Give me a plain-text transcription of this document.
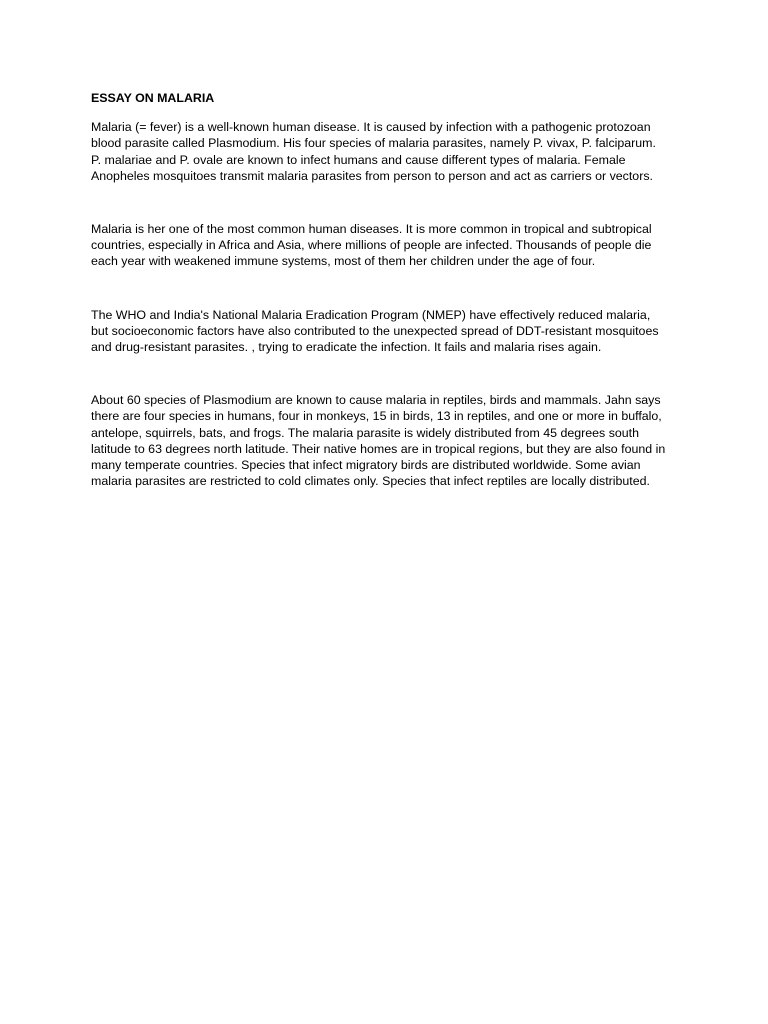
ESSAY ON MALARIA

Malaria (= fever) is a well-known human disease. It is caused by infection with a pathogenic protozoan
blood parasite called Plasmodium. His four species of malaria parasites, namely P. vivax, P. falciparum.
P. malariae and P. ovale are known to infect humans and cause different types of malaria. Female
Anopheles mosquitoes transmit malaria parasites from person to person and act as carriers or vectors.

Malaria is her one of the most common human diseases. It is more common in tropical and subtropical
countries, especially in Africa and Asia, where millions of people are infected. Thousands of people die
each year with weakened immune systems, most of them her children under the age of four.

The WHO and India's National Malaria Eradication Program (NMEP) have effectively reduced malaria,
but socioeconomic factors have also contributed to the unexpected spread of DDT-resistant mosquitoes
and drug-resistant parasites. , trying to eradicate the infection. It fails and malaria rises again.

About 60 species of Plasmodium are known to cause malaria in reptiles, birds and mammals. Jahn says
there are four species in humans, four in monkeys, 15 in birds, 13 in reptiles, and one or more in buffalo,
antelope, squirrels, bats, and frogs. The malaria parasite is widely distributed from 45 degrees south
latitude to 63 degrees north latitude. Their native homes are in tropical regions, but they are also found in
many temperate countries. Species that infect migratory birds are distributed worldwide. Some avian
malaria parasites are restricted to cold climates only. Species that infect reptiles are locally distributed.
